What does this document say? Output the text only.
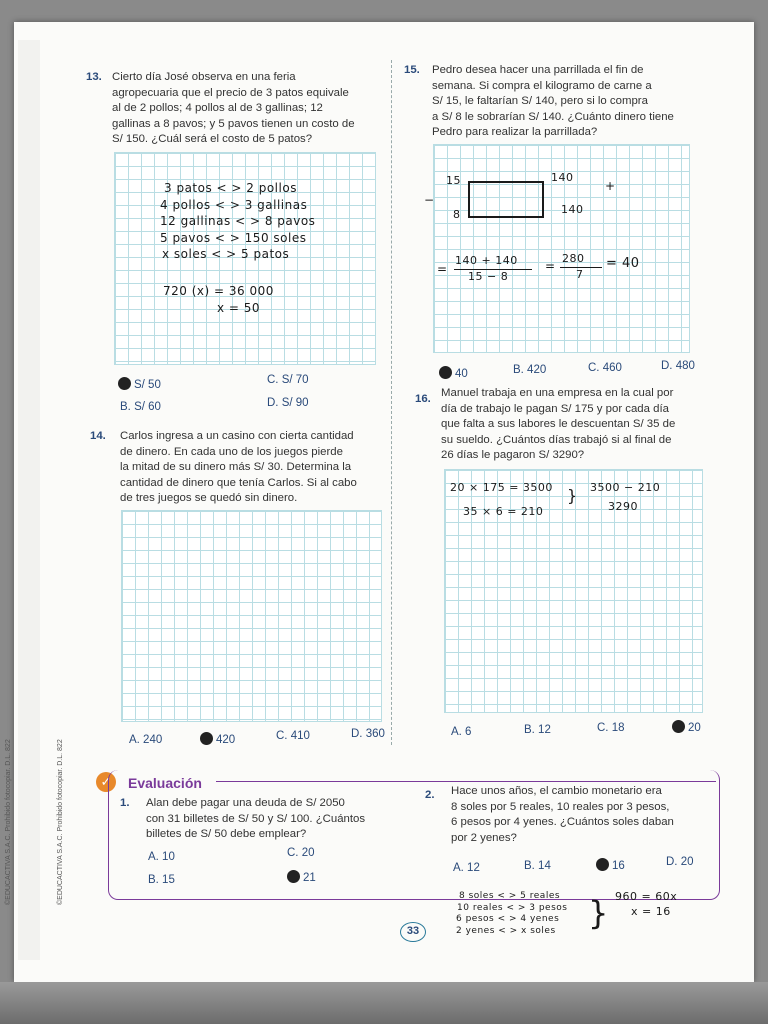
©EDUCACTIVA S.A.C. Prohibido fotocopiar. D.L. 822	©EDUCACTIVA S.A.C. Prohibido fotocopiar. D.L. 822
13. Cierto día José observa en una feria
agropecuaria que el precio de 3 patos equivale
al de 2 pollos; 4 pollos al de 3 gallinas; 12
gallinas a 8 pavos; y 5 pavos tienen un costo de
S/ 150. ¿Cuál será el costo de 5 patos?
3 patos < > 2 pollos
4 pollos < > 3 gallinas
12 gallinas < > 8 pavos
5 pavos < > 150 soles
x soles < > 5 patos
720 (x) = 36 000
x = 50
S/ 50
B. S/ 60
C. S/ 70
D. S/ 90
14. Carlos ingresa a un casino con cierta cantidad
de dinero. En cada uno de los juegos pierde
la mitad de su dinero más S/ 30. Determina la
cantidad de dinero que tenía Carlos. Si al cabo
de tres juegos se quedó sin dinero.
A. 240	420	C. 410	D. 360
15. Pedro desea hacer una parrillada el fin de
semana. Si compra el kilogramo de carne a
S/ 15, le faltarían S/ 140, pero si lo compra
a S/ 8 le sobrarían S/ 140. ¿Cuánto dinero tiene
Pedro para realizar la parrillada?
15
8
−
140
140
+
=
140 + 140
15 − 8
=
280
7
= 40
40	B. 420	C. 460	D. 480
16. Manuel trabaja en una empresa en la cual por
día de trabajo le pagan S/ 175 y por cada día
que falta a sus labores le descuentan S/ 35 de
su sueldo. ¿Cuántos días trabajó si al final de
26 días le pagaron S/ 3290?
20 × 175 = 3500
35 × 6 = 210
} 3500 − 210
3290
A. 6	B. 12	C. 18	20
✓	Evaluación
1. Alan debe pagar una deuda de S/ 2050
con 31 billetes de S/ 50 y S/ 100. ¿Cuántos
billetes de S/ 50 debe emplear?
A. 10
B. 15
C. 20
21
2. Hace unos años, el cambio monetario era
8 soles por 5 reales, 10 reales por 3 pesos,
6 pesos por 4 yenes. ¿Cuántos soles daban
por 2 yenes?
A. 12	B. 14	16	D. 20
8 soles < > 5 reales
10 reales < > 3 pesos
6 pesos < > 4 yenes
2 yenes < > x soles } 960 = 60x
x = 16
33
